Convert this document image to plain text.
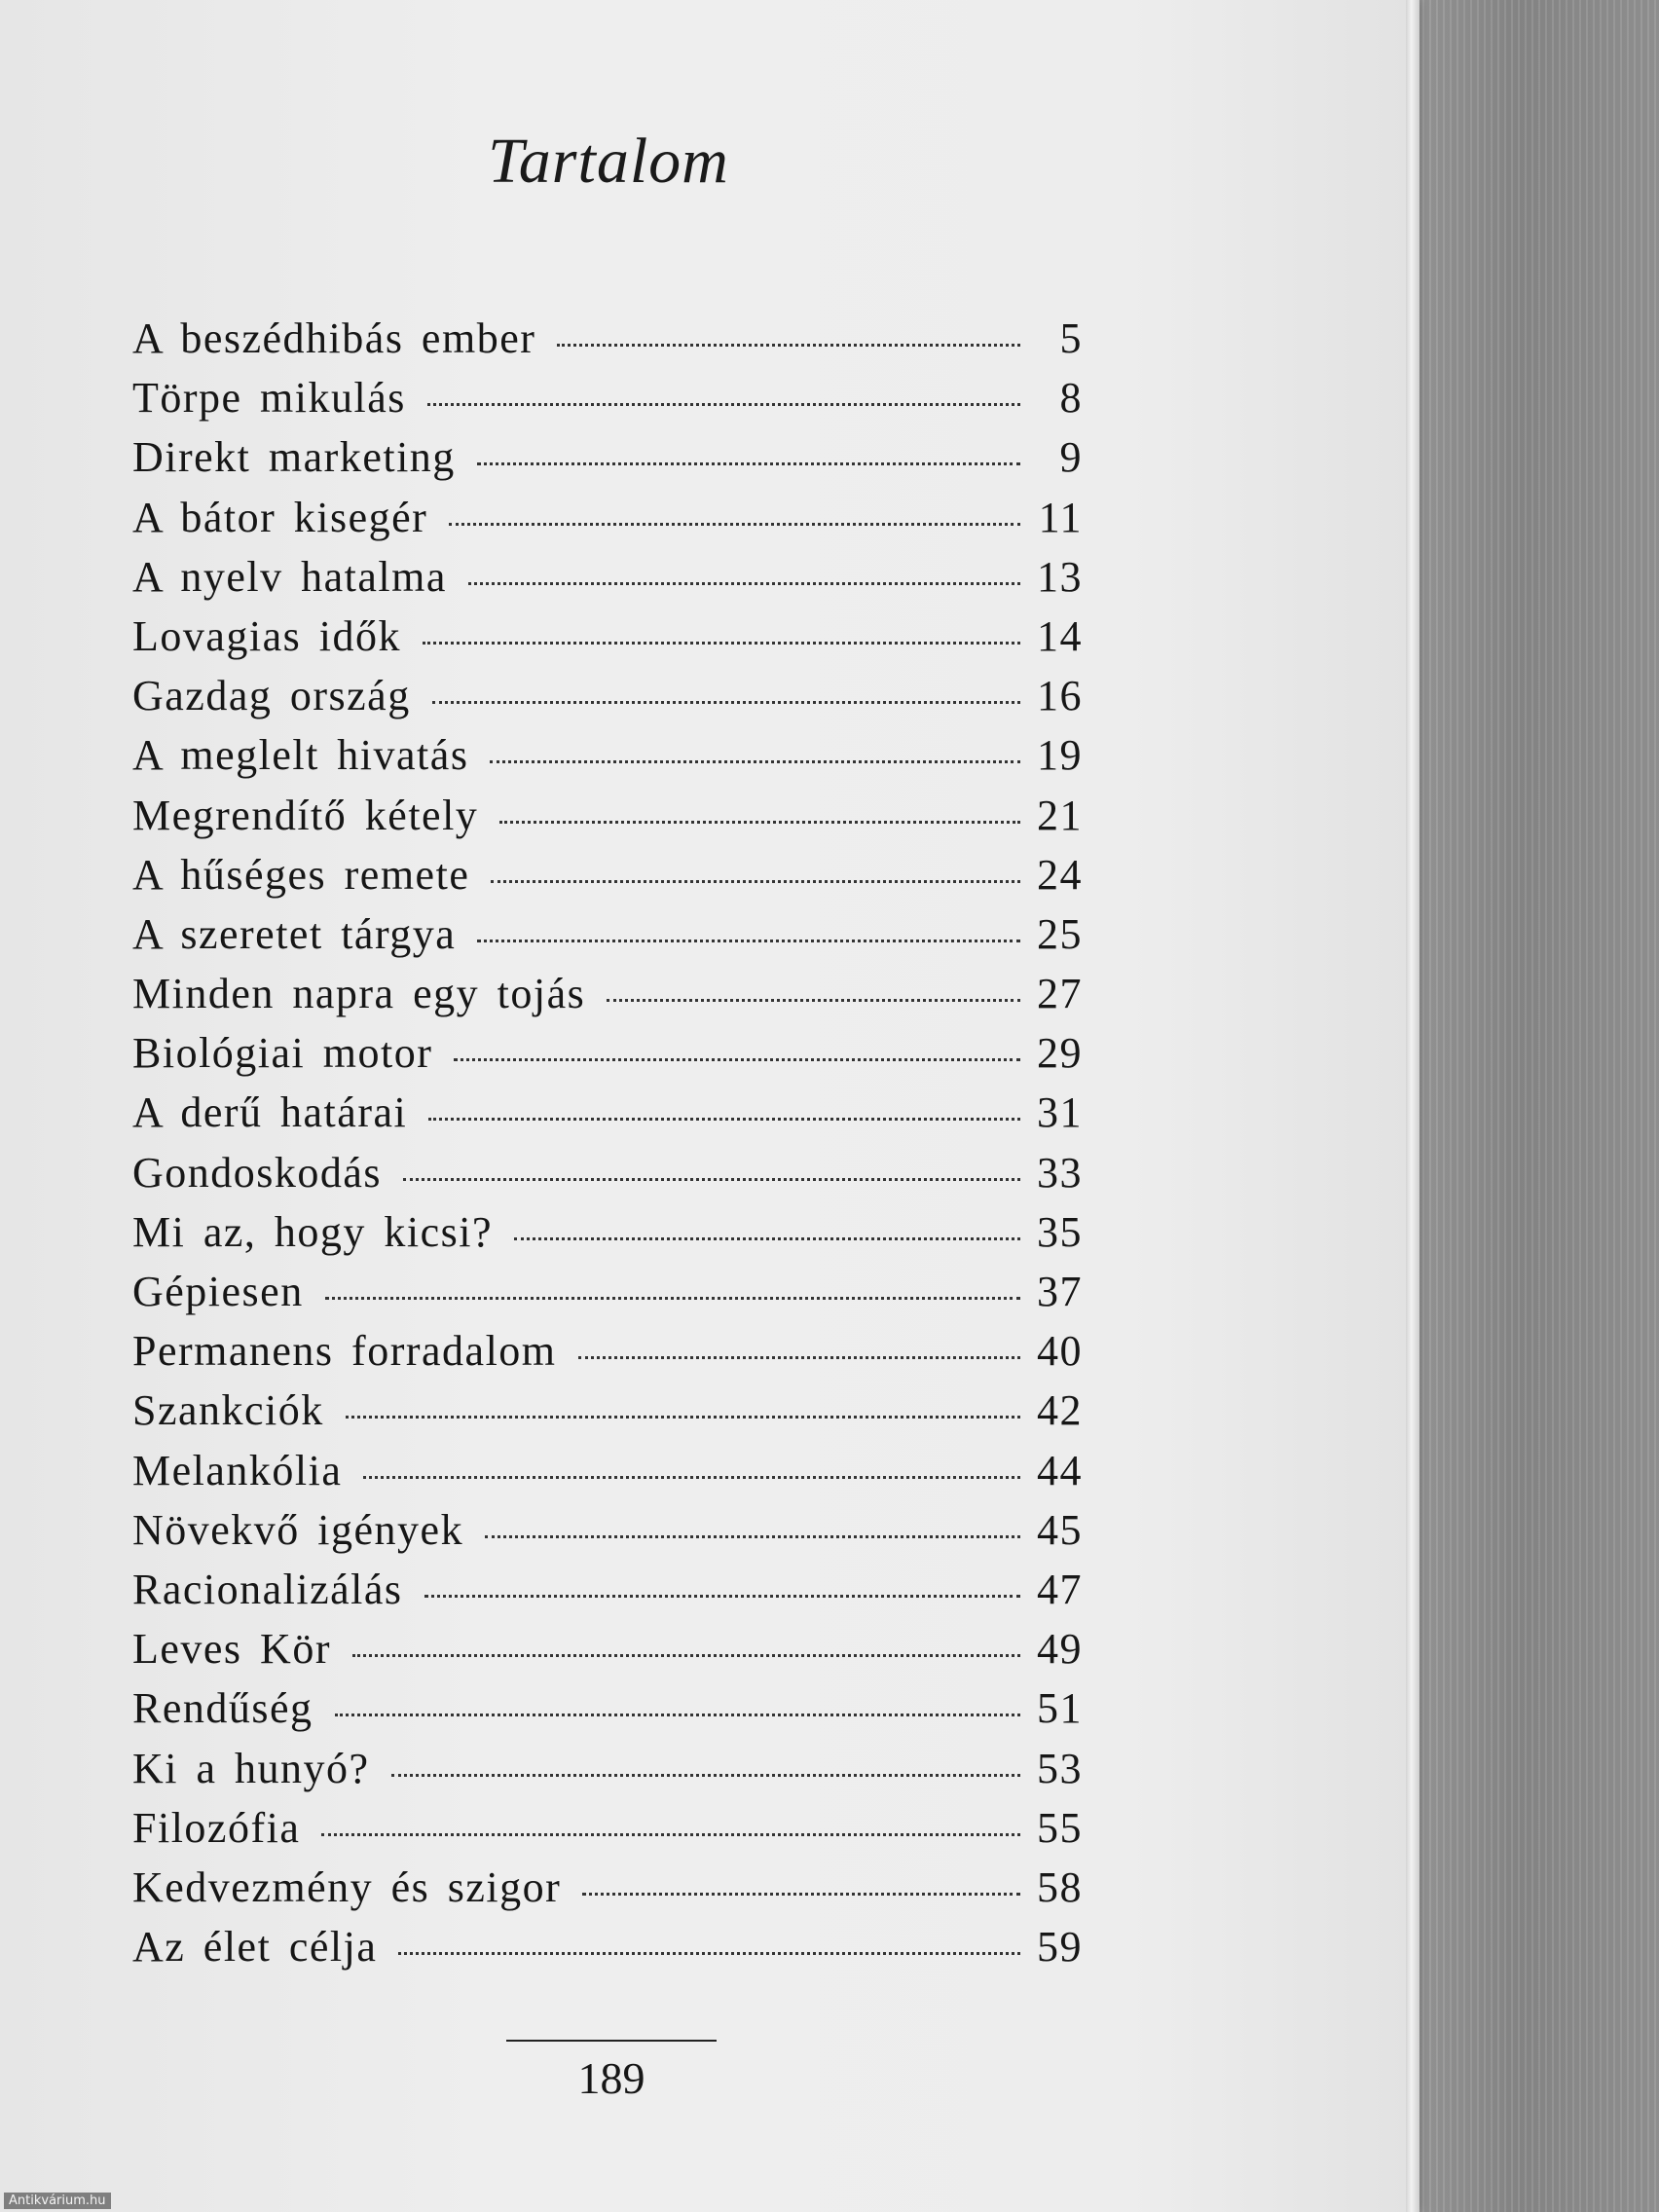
Tartalom
A beszédhibás ember	5
Törpe mikulás	8
Direkt marketing	9
A bátor kisegér	11
A nyelv hatalma	13
Lovagias idők	14
Gazdag ország	16
A meglelt hivatás	19
Megrendítő kétely	21
A hűséges remete	24
A szeretet tárgya	25
Minden napra egy tojás	27
Biológiai motor	29
A derű határai	31
Gondoskodás	33
Mi az, hogy kicsi?	35
Gépiesen	37
Permanens forradalom	40
Szankciók	42
Melankólia	44
Növekvő igények	45
Racionalizálás	47
Leves Kör	49
Rendűség	51
Ki a hunyó?	53
Filozófia	55
Kedvezmény és szigor	58
Az élet célja	59
189
Antikvárium.hu
